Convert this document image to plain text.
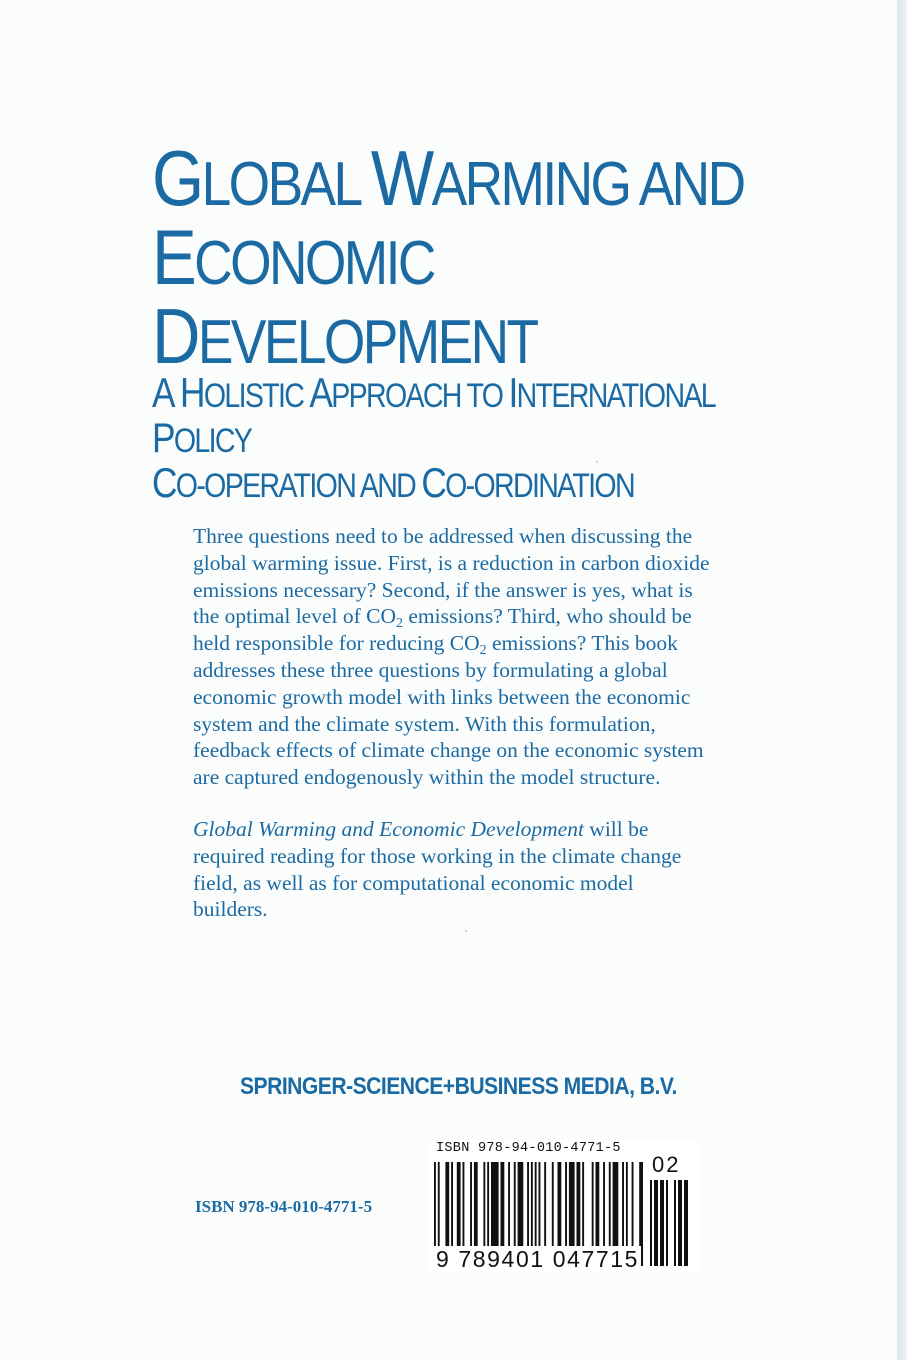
GLOBAL WARMING AND
ECONOMIC DEVELOPMENT
A HOLISTIC APPROACH TO INTERNATIONAL POLICY
CO-OPERATION AND CO-ORDINATION

Three questions need to be addressed when discussing the global warming issue. First, is a reduction in carbon dioxide emissions necessary? Second, if the answer is yes, what is the optimal level of $CO_2$ emissions? Third, who should be held responsible for reducing $CO_2$ emissions? This book addresses these three questions by formulating a global economic growth model with links between the economic system and the climate system. With this formulation, feedback effects of climate change on the economic system are captured endogenously within the model structure.

Global Warming and Economic Development will be required reading for those working in the climate change field, as well as for computational economic model builders.

SPRINGER-SCIENCE+BUSINESS MEDIA, B.V.
ISBN 978-94-010-4771-5
ISBN 978-94-010-4771-5
9 789401 047715
02
